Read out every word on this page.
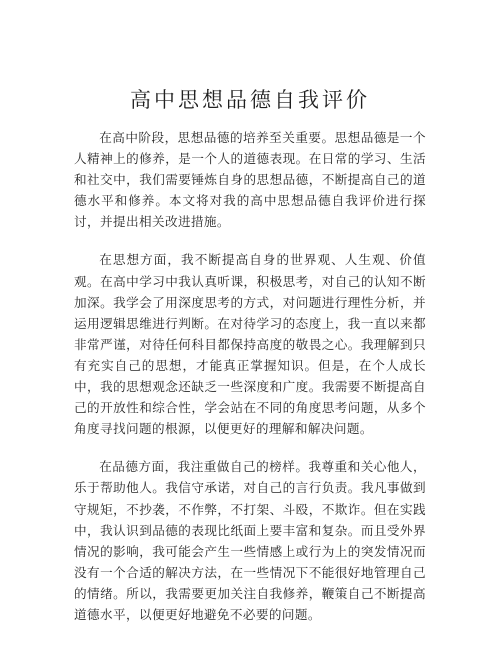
高中思想品德自我评价

在高中阶段，思想品德的培养至关重要。思想品德是一个人精神上的修养，是一个人的道德表现。在日常的学习、生活和社交中，我们需要锤炼自身的思想品德，不断提高自己的道德水平和修养。本文将对我的高中思想品德自我评价进行探讨，并提出相关改进措施。

在思想方面，我不断提高自身的世界观、人生观、价值观。在高中学习中我认真听课，积极思考，对自己的认知不断加深。我学会了用深度思考的方式，对问题进行理性分析，并运用逻辑思维进行判断。在对待学习的态度上，我一直以来都非常严谨，对待任何科目都保持高度的敬畏之心。我理解到只有充实自己的思想，才能真正掌握知识。但是，在个人成长中，我的思想观念还缺乏一些深度和广度。我需要不断提高自己的开放性和综合性，学会站在不同的角度思考问题，从多个角度寻找问题的根源，以便更好的理解和解决问题。

在品德方面，我注重做自己的榜样。我尊重和关心他人，乐于帮助他人。我信守承诺，对自己的言行负责。我凡事做到守规矩，不抄袭，不作弊，不打架、斗殴，不欺诈。但在实践中，我认识到品德的表现比纸面上要丰富和复杂。而且受外界情况的影响，我可能会产生一些情感上或行为上的突发情况而没有一个合适的解决方法，在一些情况下不能很好地管理自己的情绪。所以，我需要更加关注自我修养，鞭策自己不断提高道德水平，以便更好地避免不必要的问题。
